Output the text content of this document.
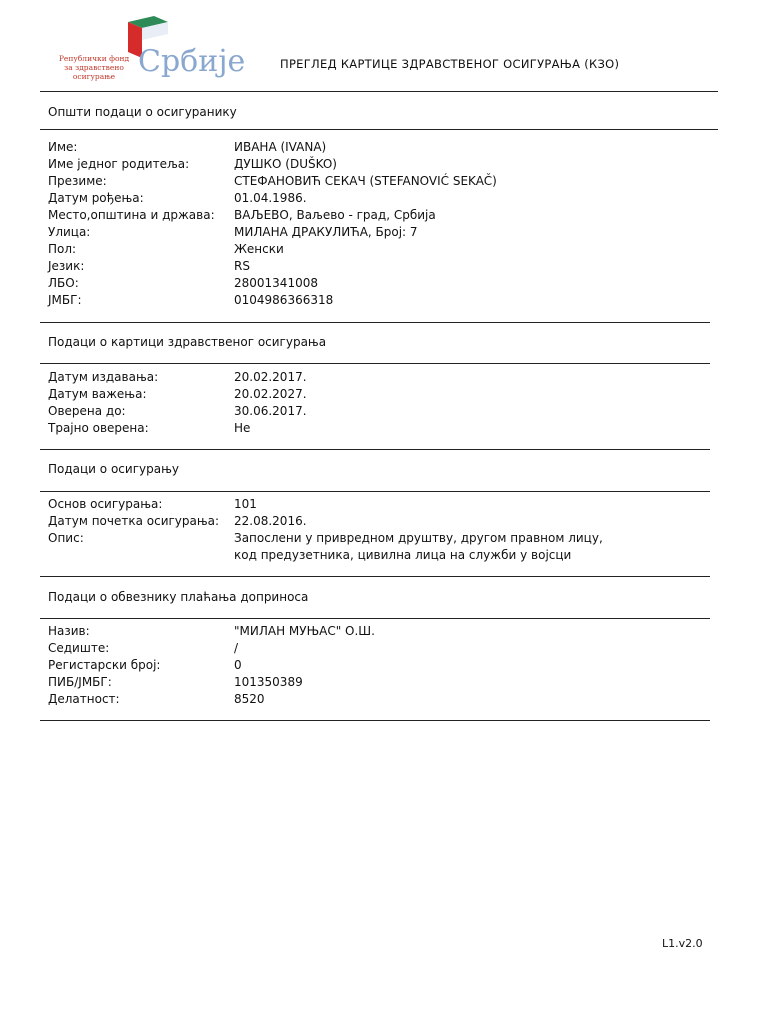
Србије
Републички фонд
за здравствено осигурање
ПРЕГЛЕД КАРТИЦЕ ЗДРАВСТВЕНОГ ОСИГУРАЊА (КЗО)
Општи подаци о осигуранику
Име:	ИВАНА (IVANA)
Име једног родитеља:	ДУШКО (DUŠKO)
Презиме:	СТЕФАНОВИЋ СЕКАЧ (STEFANOVIĆ SEKAČ)
Датум рођења:	01.04.1986.
Место,општина и држава:	ВАЉЕВО, Ваљево - град, Србија
Улица:	МИЛАНА ДРАКУЛИЋА, Број: 7
Пол:	Женски
Језик:	RS
ЛБО:	28001341008
ЈМБГ:	0104986366318
Подаци о картици здравственог осигурања
Датум издавања:	20.02.2017.
Датум важења:	20.02.2027.
Оверена до:	30.06.2017.
Трајно оверена:	Не
Подаци о осигурању
Основ осигурања:	101
Датум почетка осигурања:	22.08.2016.
Опис:	Запослени у привредном друштву, другом правном лицу,
код предузетника, цивилна лица на служби у војсци
Подаци о обвезнику плаћања доприноса
Назив:	"МИЛАН МУЊАС" О.Ш.
Седиште:	/
Регистарски број:	0
ПИБ/ЈМБГ:	101350389
Делатност:	8520
L1.v2.0
